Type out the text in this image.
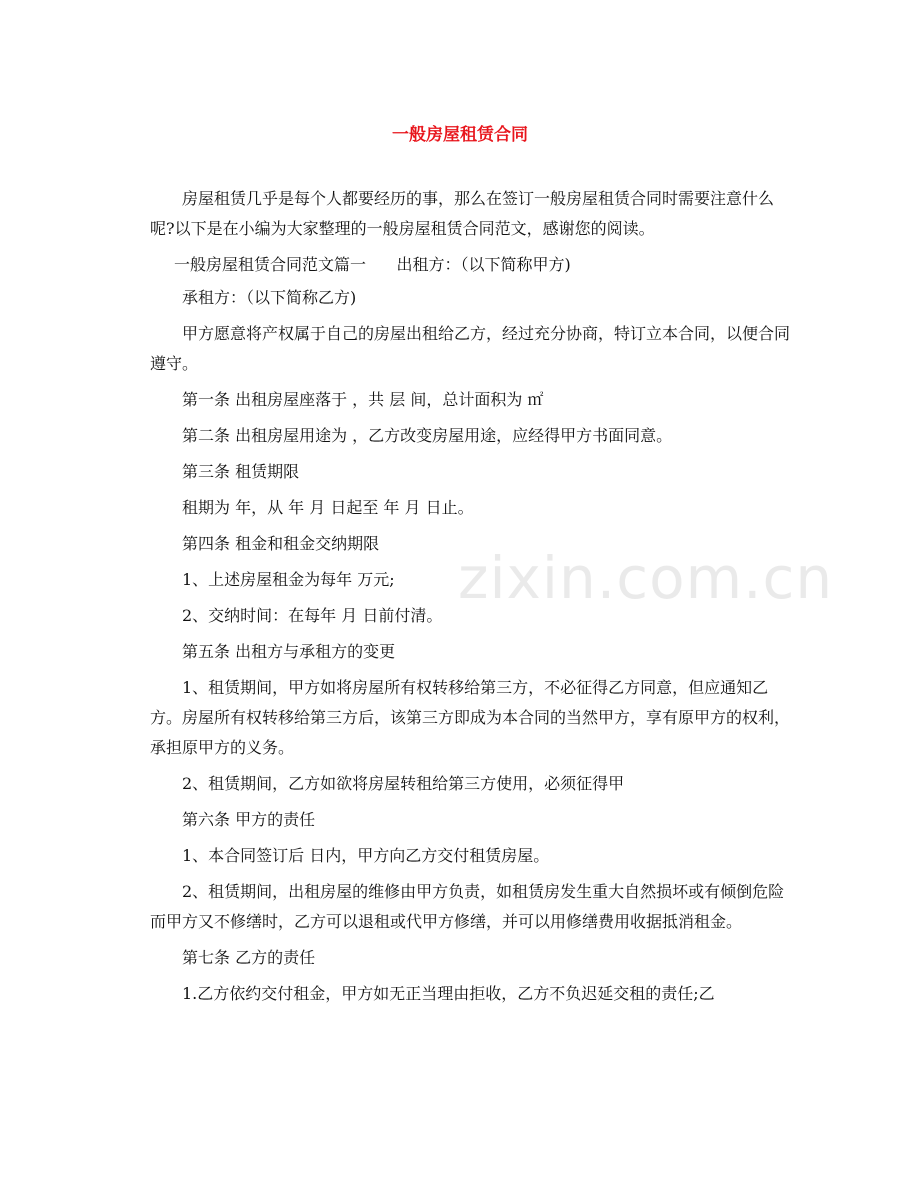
一般房屋租赁合同
zixin.com.cn

房屋租赁几乎是每个人都要经历的事，那么在签订一般房屋租赁合同时需要注意什么呢?以下是在小编为大家整理的一般房屋租赁合同范文，感谢您的阅读。

一般房屋租赁合同范文篇一      出租方：（以下简称甲方)

承租方：（以下简称乙方)

甲方愿意将产权属于自己的房屋出租给乙方，经过充分协商，特订立本合同，以便合同遵守。

第一条 出租房屋座落于 ，共 层 间，总计面积为 ㎡

第二条 出租房屋用途为 ，乙方改变房屋用途，应经得甲方书面同意。

第三条 租赁期限

租期为 年，从 年 月 日起至 年 月 日止。

第四条 租金和租金交纳期限

1、上述房屋租金为每年 万元;

2、交纳时间：在每年 月 日前付清。

第五条 出租方与承租方的变更

1、租赁期间，甲方如将房屋所有权转移给第三方，不必征得乙方同意，但应通知乙方。房屋所有权转移给第三方后，该第三方即成为本合同的当然甲方，享有原甲方的权利，承担原甲方的义务。

2、租赁期间，乙方如欲将房屋转租给第三方使用，必须征得甲

第六条 甲方的责任

1、本合同签订后 日内，甲方向乙方交付租赁房屋。

2、租赁期间，出租房屋的维修由甲方负责，如租赁房发生重大自然损坏或有倾倒危险而甲方又不修缮时，乙方可以退租或代甲方修缮，并可以用修缮费用收据抵消租金。

第七条 乙方的责任

1.乙方依约交付租金，甲方如无正当理由拒收，乙方不负迟延交租的责任;乙
